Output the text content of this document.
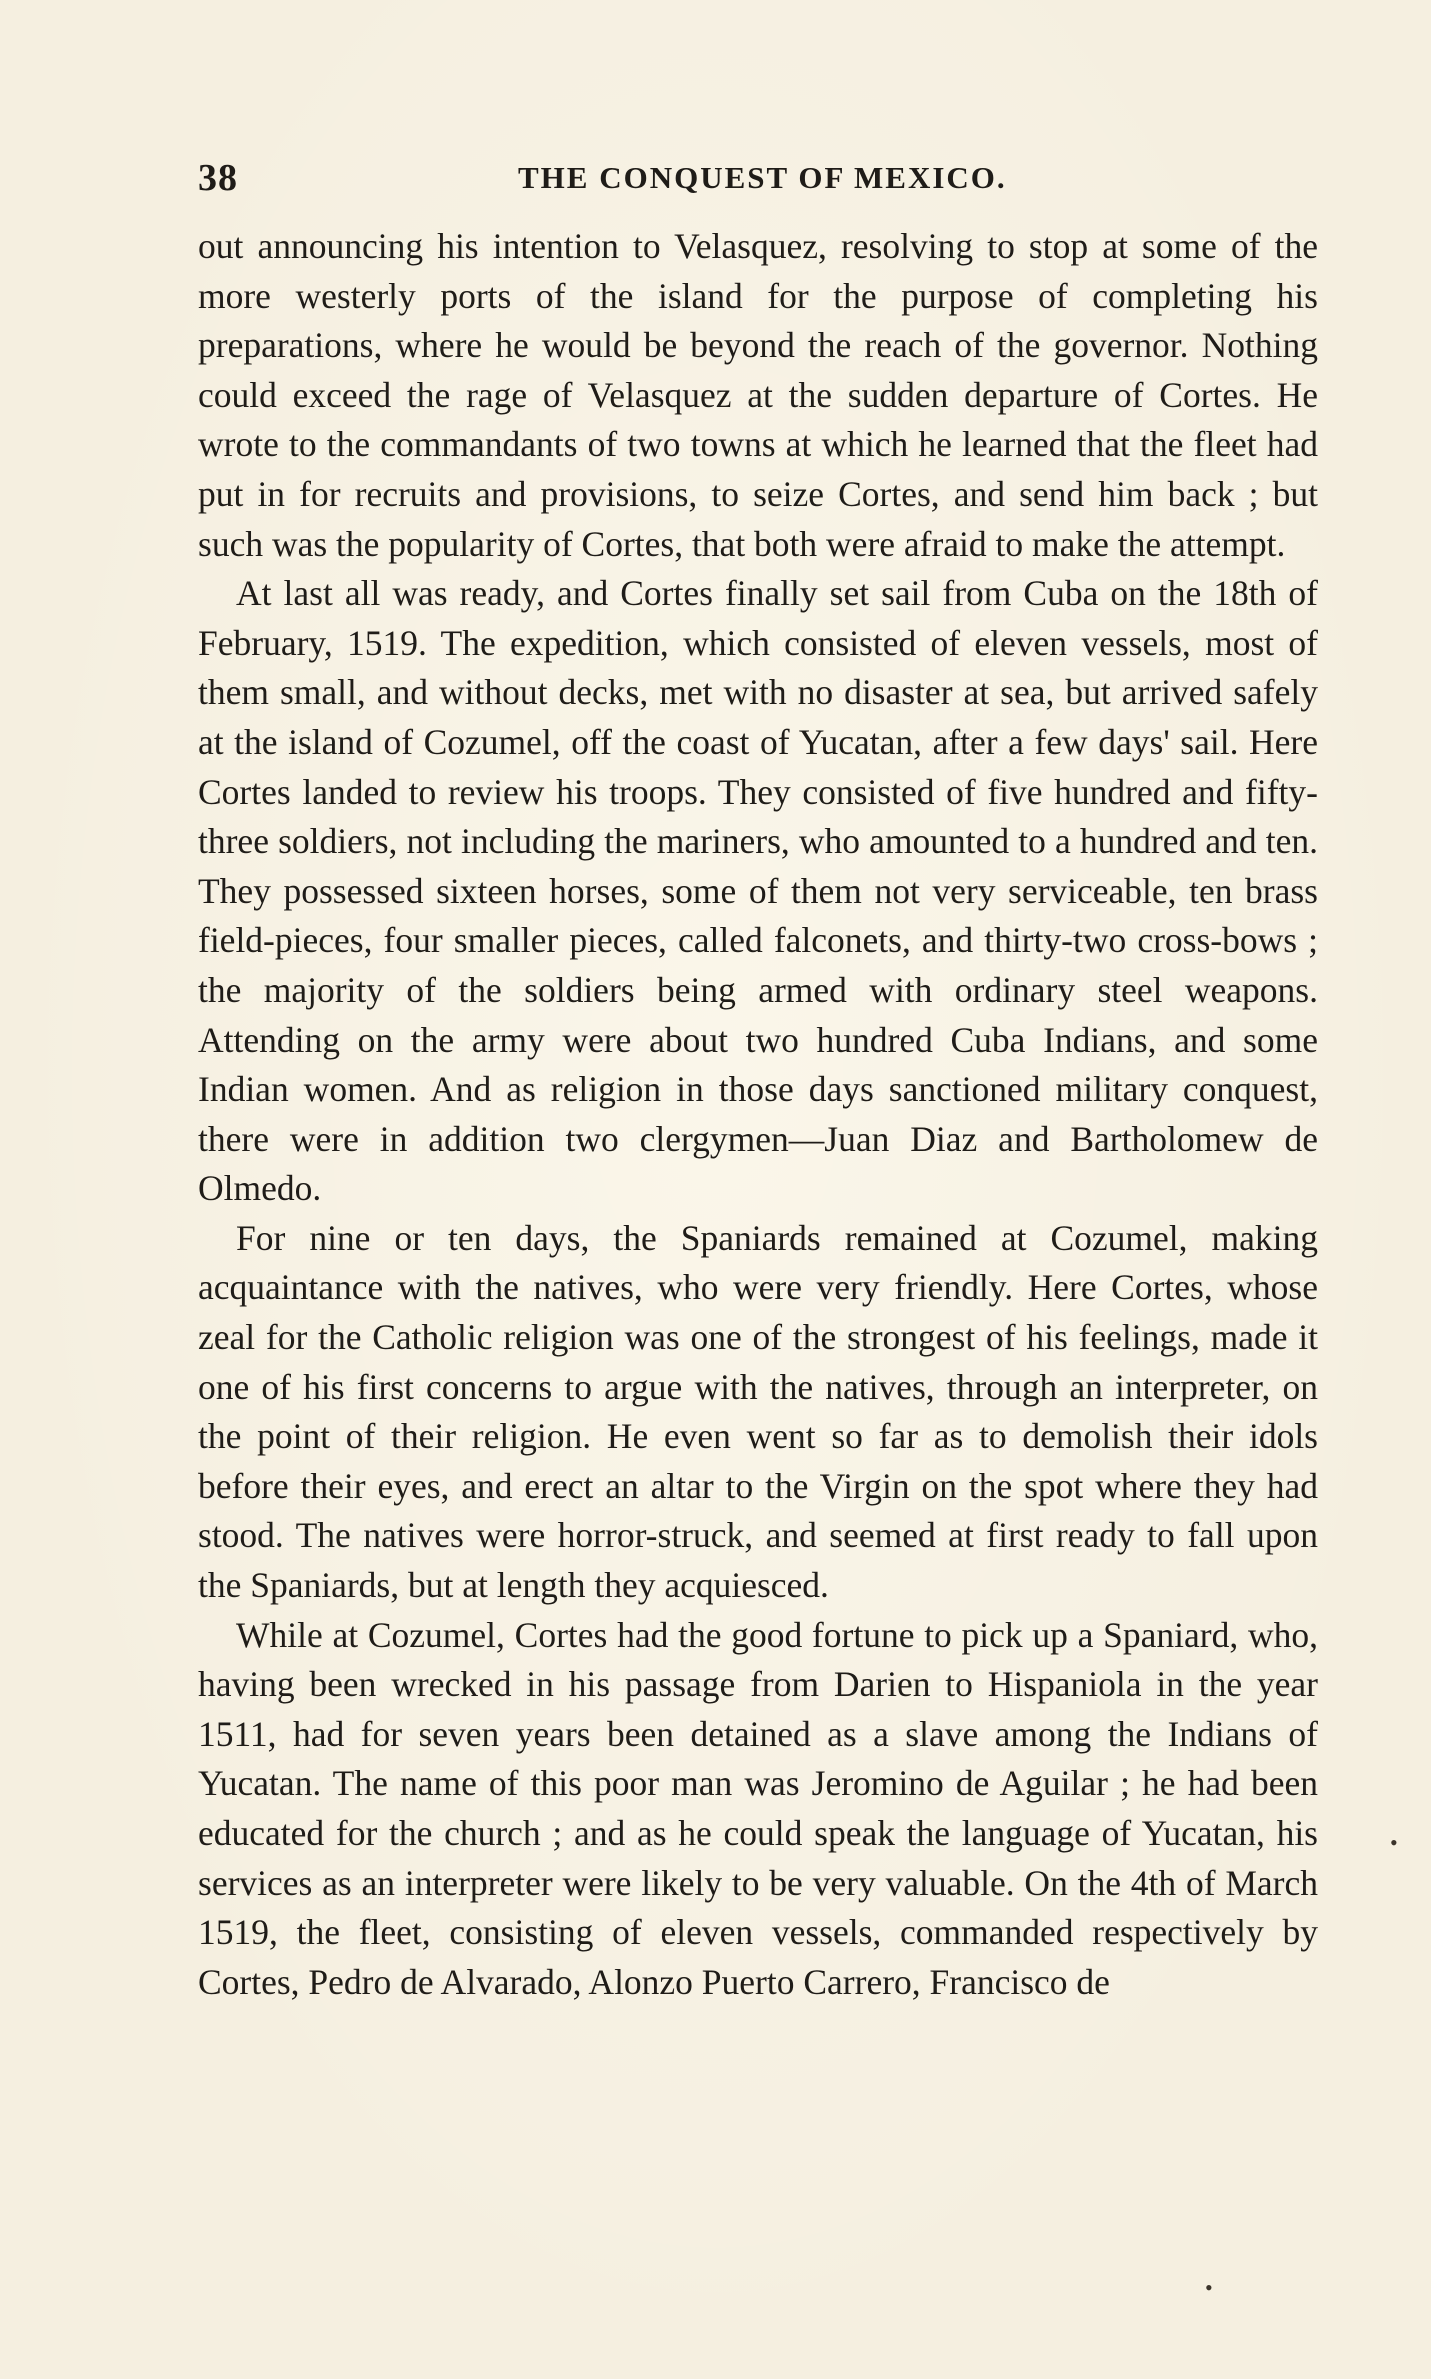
38	THE CONQUEST OF MEXICO.

out announcing his intention to Velasquez, resolving to stop at some of the more westerly ports of the island for the purpose of completing his preparations, where he would be beyond the reach of the governor. Nothing could exceed the rage of Velasquez at the sudden departure of Cortes. He wrote to the commandants of two towns at which he learned that the fleet had put in for recruits and provisions, to seize Cortes, and send him back ; but such was the popularity of Cortes, that both were afraid to make the attempt.

At last all was ready, and Cortes finally set sail from Cuba on the 18th of February, 1519. The expedition, which consisted of eleven vessels, most of them small, and without decks, met with no disaster at sea, but arrived safely at the island of Cozumel, off the coast of Yucatan, after a few days' sail. Here Cortes landed to review his troops. They consisted of five hundred and fifty-three soldiers, not including the mariners, who amounted to a hundred and ten. They possessed sixteen horses, some of them not very serviceable, ten brass field-pieces, four smaller pieces, called falconets, and thirty-two cross-bows ; the majority of the soldiers being armed with ordinary steel weapons. Attending on the army were about two hundred Cuba Indians, and some Indian women. And as religion in those days sanctioned military conquest, there were in addition two clergymen—Juan Diaz and Bartholomew de Olmedo.

For nine or ten days, the Spaniards remained at Cozumel, making acquaintance with the natives, who were very friendly. Here Cortes, whose zeal for the Catholic religion was one of the strongest of his feelings, made it one of his first concerns to argue with the natives, through an interpreter, on the point of their religion. He even went so far as to demolish their idols before their eyes, and erect an altar to the Virgin on the spot where they had stood. The natives were horror-struck, and seemed at first ready to fall upon the Spaniards, but at length they acquiesced.

While at Cozumel, Cortes had the good fortune to pick up a Spaniard, who, having been wrecked in his passage from Darien to Hispaniola in the year 1511, had for seven years been detained as a slave among the Indians of Yucatan. The name of this poor man was Jeromino de Aguilar ; he had been educated for the church ; and as he could speak the language of Yucatan, his services as an interpreter were likely to be very valuable. On the 4th of March 1519, the fleet, consisting of eleven vessels, commanded respectively by Cortes, Pedro de Alvarado, Alonzo Puerto Carrero, Francisco de

•
•
